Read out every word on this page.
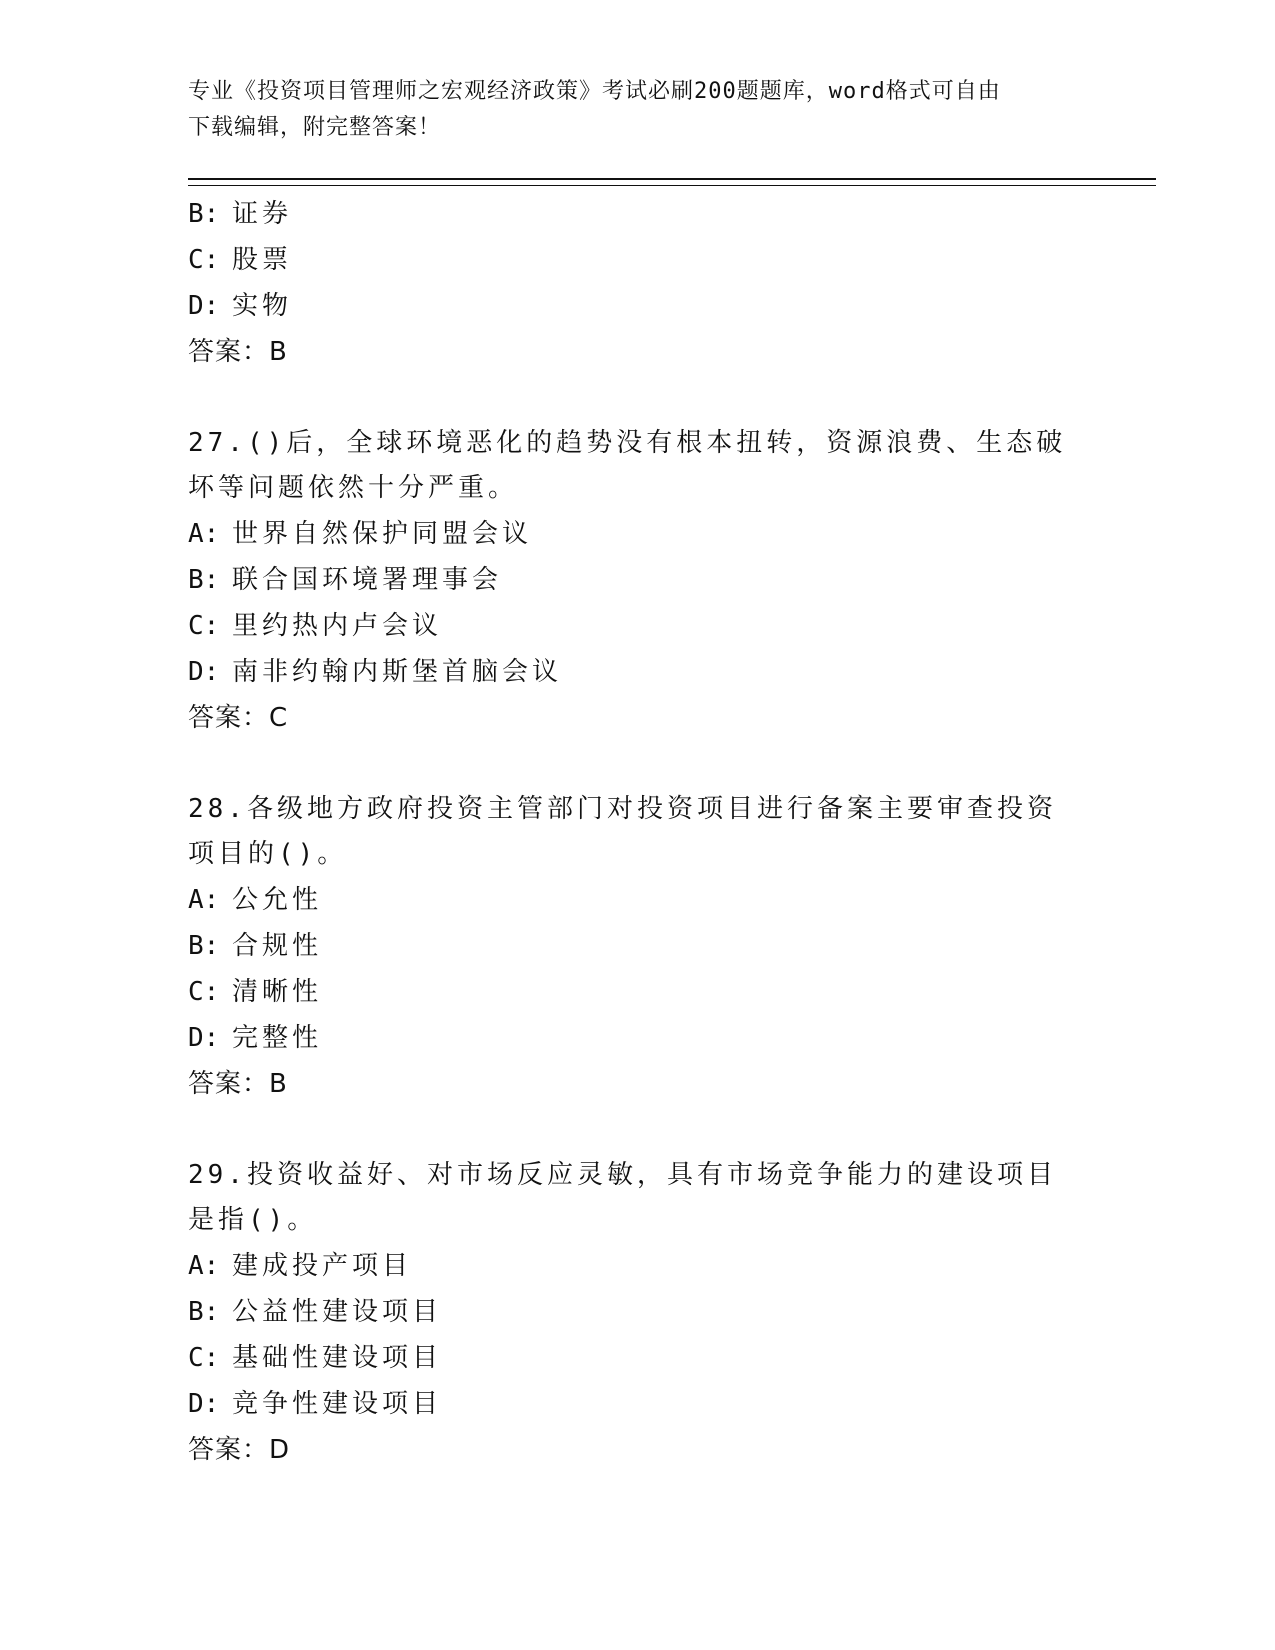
专业《投资项目管理师之宏观经济政策》考试必刷200题题库，word格式可自由
下载编辑，附完整答案！
B: 证券
C: 股票
D: 实物
答案：B
27.()后，全球环境恶化的趋势没有根本扭转，资源浪费、生态破坏等问题依然十分严重。
A: 世界自然保护同盟会议
B: 联合国环境署理事会
C: 里约热内卢会议
D: 南非约翰内斯堡首脑会议
答案：C
28.各级地方政府投资主管部门对投资项目进行备案主要审查投资项目的()。
A: 公允性
B: 合规性
C: 清晰性
D: 完整性
答案：B
29.投资收益好、对市场反应灵敏，具有市场竞争能力的建设项目是指()。
A: 建成投产项目
B: 公益性建设项目
C: 基础性建设项目
D: 竞争性建设项目
答案：D
